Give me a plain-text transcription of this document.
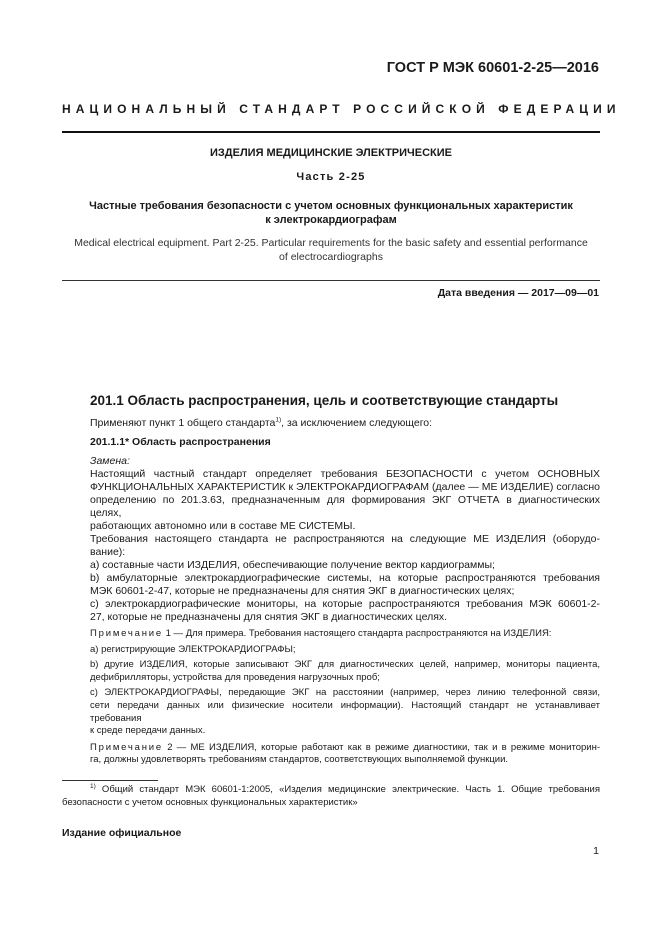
ГОСТ Р МЭК 60601-2-25—2016
НАЦИОНАЛЬНЫЙ СТАНДАРТ РОССИЙСКОЙ ФЕДЕРАЦИИ
ИЗДЕЛИЯ МЕДИЦИНСКИЕ ЭЛЕКТРИЧЕСКИЕ
Часть 2-25
Частные требования безопасности с учетом основных функциональных характеристик
к электрокардиографам
Medical electrical equipment. Part 2-25. Particular requirements for the basic safety and essential performance
of electrocardiographs
Дата введения — 2017—09—01
201.1 Область распространения, цель и соответствующие стандарты

Применяют пункт 1 общего стандарта$^{1)}$, за исключением следующего:

201.1.1* Область распространения

Замена:

Настоящий частный стандарт определяет требования БЕЗОПАСНОСТИ с учетом ОСНОВНЫХ

ФУНКЦИОНАЛЬНЫХ ХАРАКТЕРИСТИК к ЭЛЕКТРОКАРДИОГРАФАМ (далее — МЕ ИЗДЕЛИЕ) согласно

определению по 201.3.63, предназначенным для формирования ЭКГ ОТЧЕТА в диагностических целях,

работающих автономно или в составе МЕ СИСТЕМЫ.

Требования настоящего стандарта не распространяются на следующие МЕ ИЗДЕЛИЯ (оборудо-

вание):

а) составные части ИЗДЕЛИЯ, обеспечивающие получение вектор кардиограммы;

b) амбулаторные электрокардиографические системы, на которые распространяются требования

МЭК 60601-2-47, которые не предназначены для снятия ЭКГ в диагностических целях;

с) электрокардиографические мониторы, на которые распространяются требования МЭК 60601-2-

27, которые не предназначены для снятия ЭКГ в диагностических целях.

Примечание 1 — Для примера. Требования настоящего стандарта распространяются на ИЗДЕЛИЯ:

а) регистрирующие ЭЛЕКТРОКАРДИОГРАФЫ;

b) другие ИЗДЕЛИЯ, которые записывают ЭКГ для диагностических целей, например, мониторы пациента,

дефибрилляторы, устройства для проведения нагрузочных проб;

с) ЭЛЕКТРОКАРДИОГРАФЫ, передающие ЭКГ на расстоянии (например, через линию телефонной связи,

сети передачи данных или физические носители информации). Настоящий стандарт не устанавливает требования

к среде передачи данных.

Примечание 2 — МЕ ИЗДЕЛИЯ, которые работают как в режиме диагностики, так и в режиме мониторин-

га, должны удовлетворять требованиям стандартов, соответствующих выполняемой функции.

$^{1)}$ Общий стандарт МЭК 60601-1:2005, «Изделия медицинские электрические. Часть 1. Общие требования
безопасности с учетом основных функциональных характеристик»
Издание официальное
1
